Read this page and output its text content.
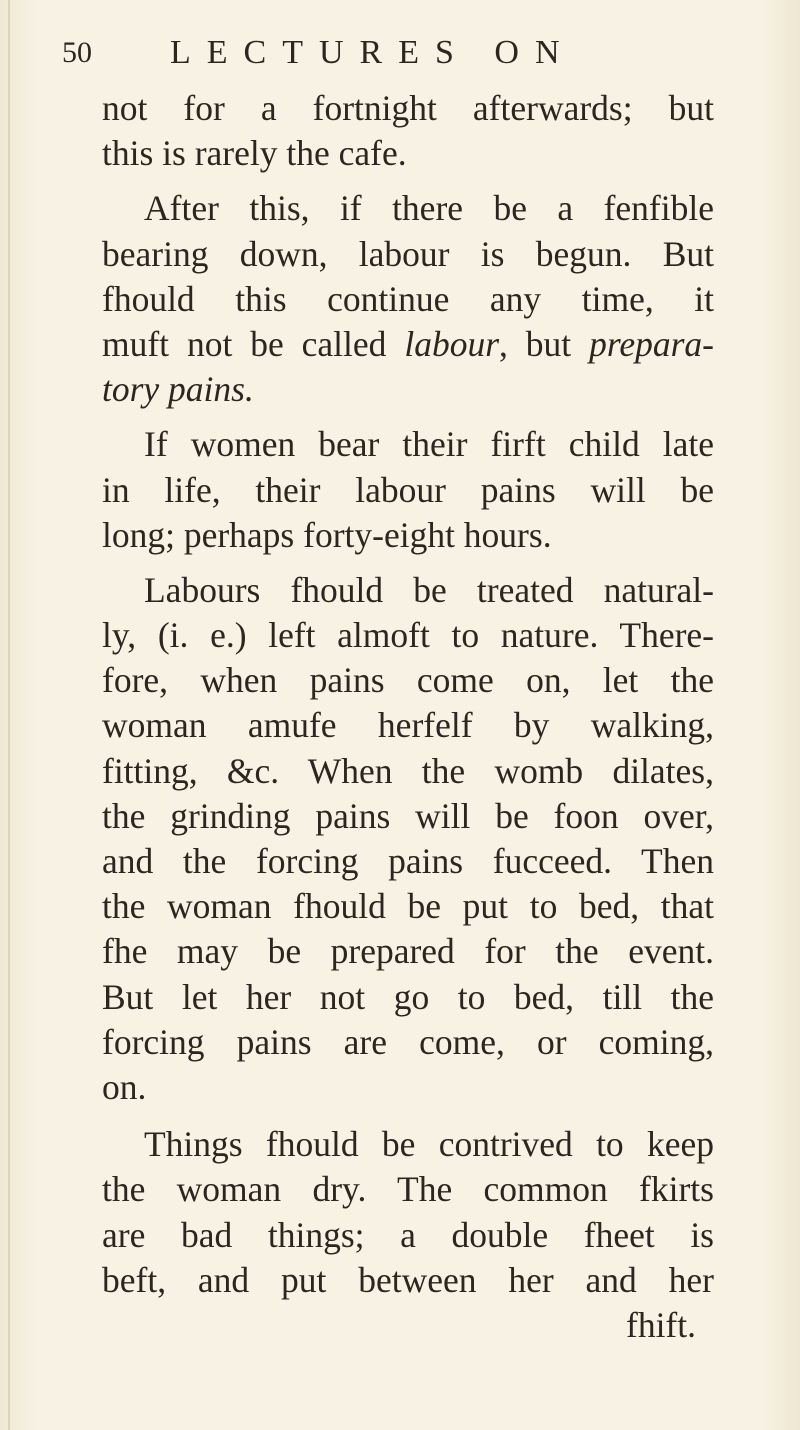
50	LECTURES ON
not for a fortnight afterwards; but
this is rarely the cafe.
After this, if there be a fenfible
bearing down, labour is begun. But
fhould this continue any time, it
muft not be called labour, but prepara-
tory pains.
If women bear their firft child late
in life, their labour pains will be
long; perhaps forty-eight hours.
Labours fhould be treated natural-
ly, (i. e.) left almoft to nature. There-
fore, when pains come on, let the
woman amufe herfelf by walking,
fitting, &c. When the womb dilates,
the grinding pains will be foon over,
and the forcing pains fucceed. Then
the woman fhould be put to bed, that
fhe may be prepared for the event.
But let her not go to bed, till the
forcing pains are come, or coming,
on.
Things fhould be contrived to keep
the woman dry. The common fkirts
are bad things; a double fheet is
beft, and put between her and her
fhift.
